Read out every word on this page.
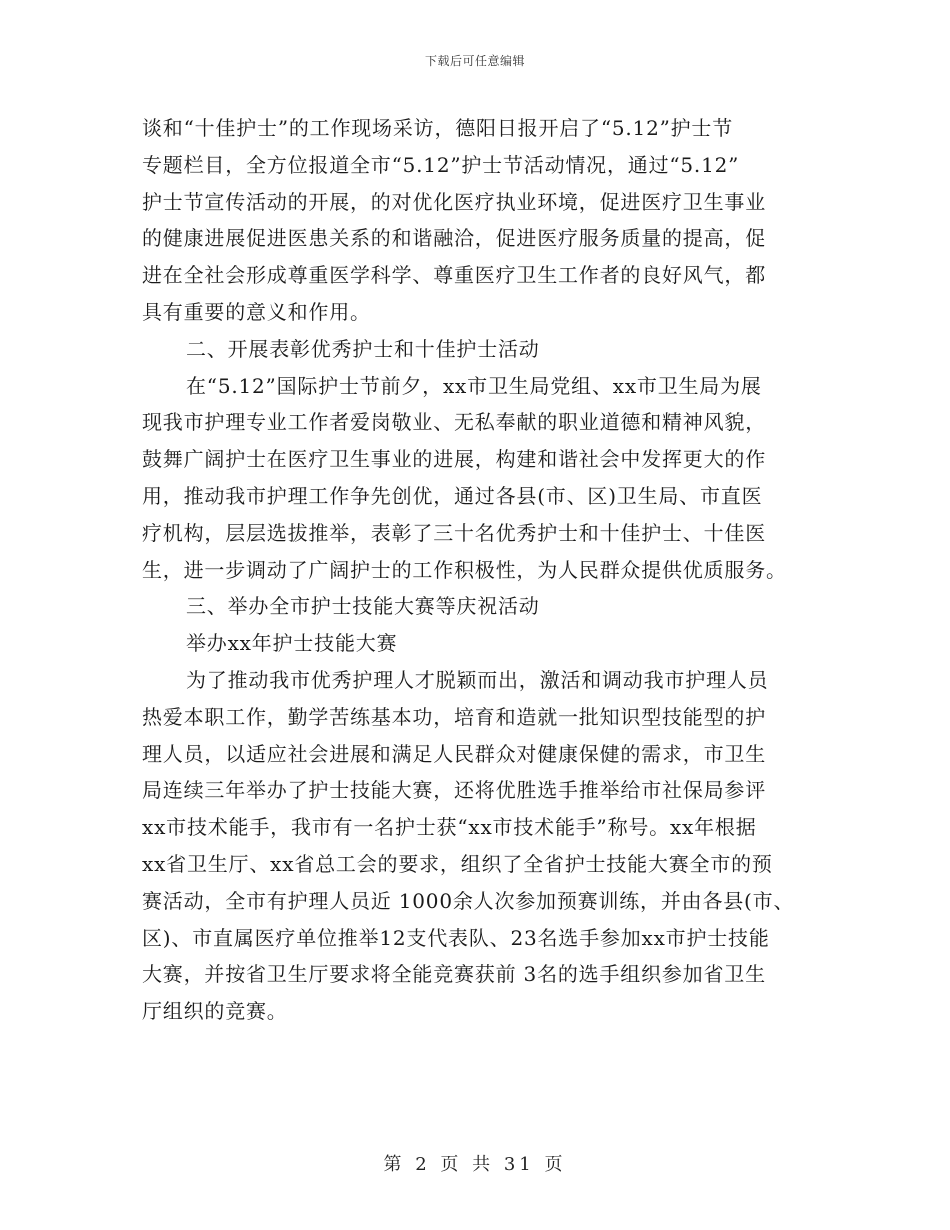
下载后可任意编辑
谈和“十佳护士”的工作现场采访，德阳日报开启了“5.12”护士节
专题栏目，全方位报道全市“5.12”护士节活动情况，通过“5.12”
护士节宣传活动的开展，的对优化医疗执业环境，促进医疗卫生事业
的健康进展促进医患关系的和谐融洽，促进医疗服务质量的提高，促
进在全社会形成尊重医学科学、尊重医疗卫生工作者的良好风气，都
具有重要的意义和作用。
二、开展表彰优秀护士和十佳护士活动
在“5.12”国际护士节前夕，xx市卫生局党组、xx市卫生局为展
现我市护理专业工作者爱岗敬业、无私奉献的职业道德和精神风貌，
鼓舞广阔护士在医疗卫生事业的进展，构建和谐社会中发挥更大的作
用，推动我市护理工作争先创优，通过各县(市、区)卫生局、市直医
疗机构，层层选拔推举，表彰了三十名优秀护士和十佳护士、十佳医
生，进一步调动了广阔护士的工作积极性，为人民群众提供优质服务。
三、举办全市护士技能大赛等庆祝活动
举办xx年护士技能大赛
为了推动我市优秀护理人才脱颖而出，激活和调动我市护理人员
热爱本职工作，勤学苦练基本功，培育和造就一批知识型技能型的护
理人员，以适应社会进展和满足人民群众对健康保健的需求，市卫生
局连续三年举办了护士技能大赛，还将优胜选手推举给市社保局参评
xx市技术能手，我市有一名护士获“xx市技术能手”称号。xx年根据
xx省卫生厅、xx省总工会的要求，组织了全省护士技能大赛全市的预
赛活动，全市有护理人员近 1000余人次参加预赛训练，并由各县(市、
区)、市直属医疗单位推举12支代表队、23名选手参加xx市护士技能
大赛，并按省卫生厅要求将全能竞赛获前 3名的选手组织参加省卫生
厅组织的竞赛。
第 2 页 共 31 页
